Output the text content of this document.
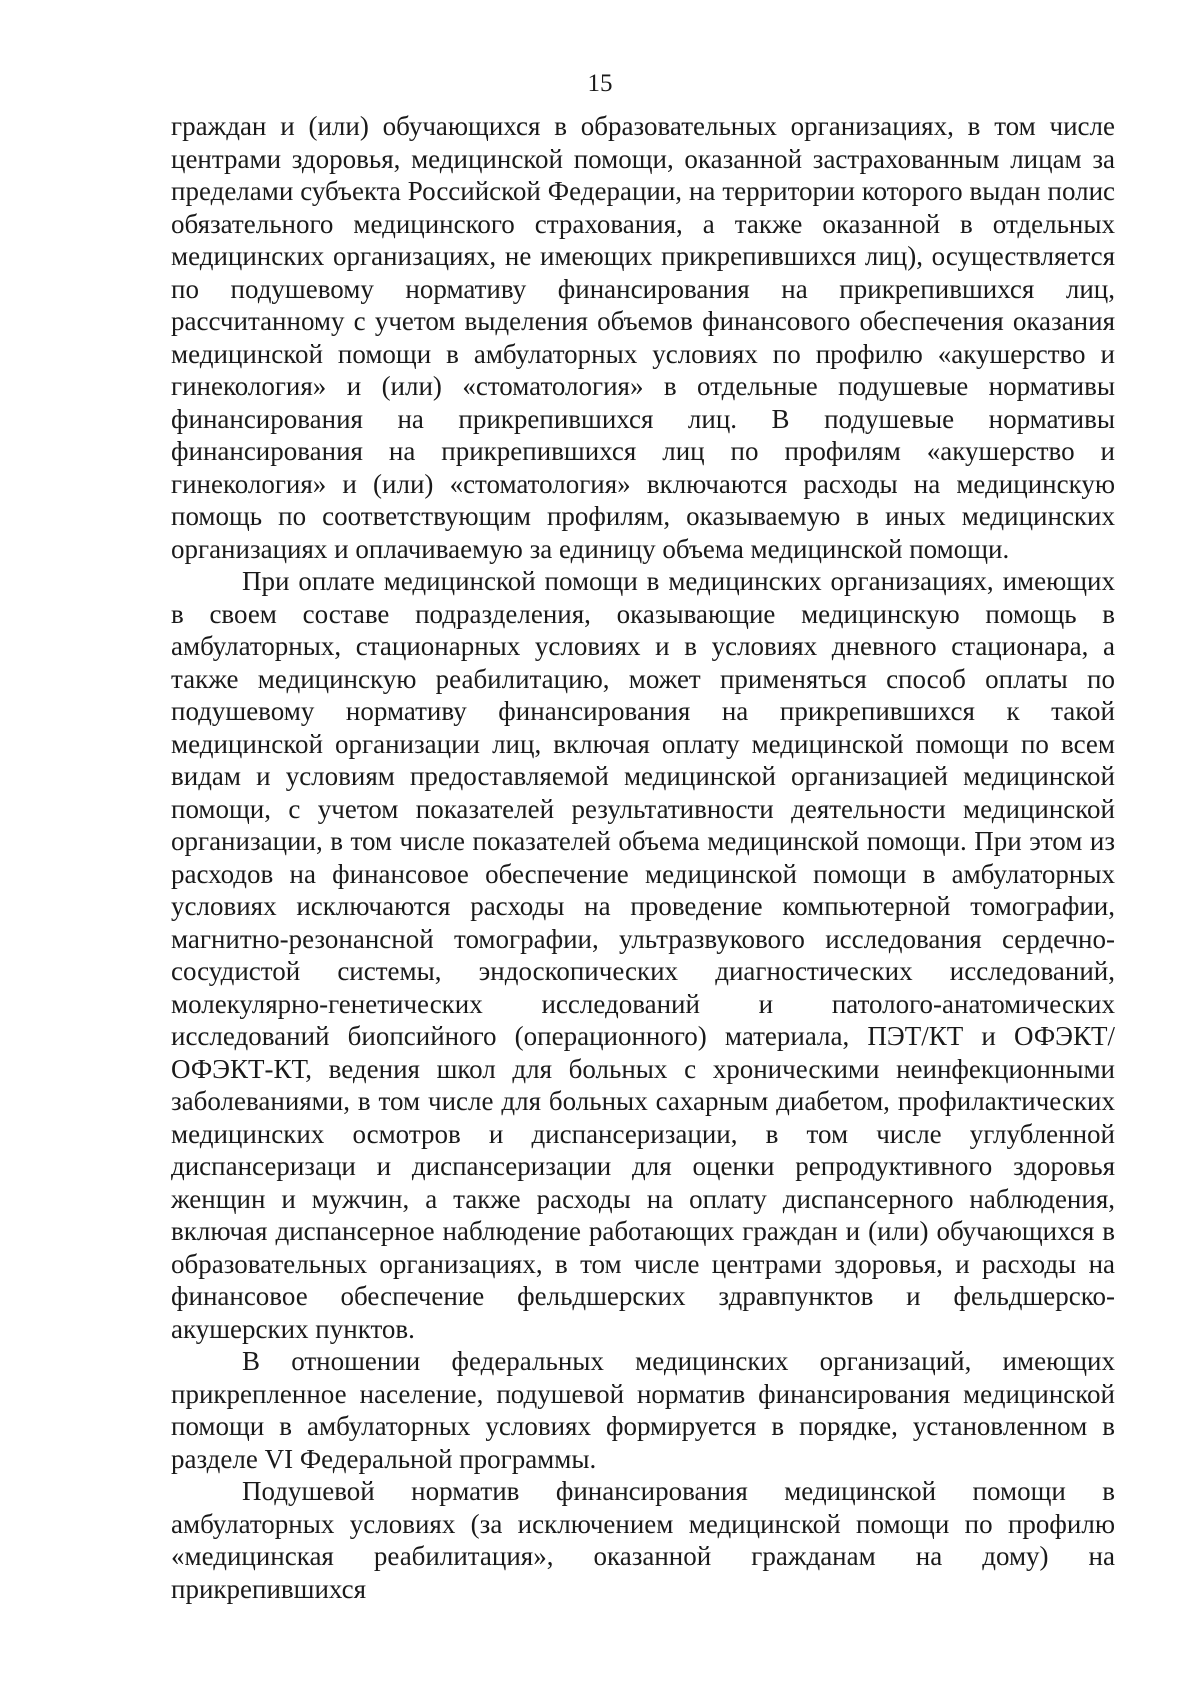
15

граждан и (или) обучающихся в образовательных организациях, в том числе центрами здоровья, медицинской помощи, оказанной застрахованным лицам за пределами субъекта Российской Федерации, на территории которого выдан полис обязательного медицинского страхования, а также оказанной в отдельных медицинских организациях, не имеющих прикрепившихся лиц), осуществляется по подушевому нормативу финансирования на прикрепившихся лиц, рассчитанному с учетом выделения объемов финансового обеспечения оказания медицинской помощи в амбулаторных условиях по профилю «акушерство и гинекология» и (или) «стоматология» в отдельные подушевые нормативы финансирования на прикрепившихся лиц. В подушевые нормативы финансирования на прикрепившихся лиц по профилям «акушерство и гинекология» и (или) «стоматология» включаются расходы на медицинскую помощь по соответствующим профилям, оказываемую в иных медицинских организациях и оплачиваемую за единицу объема медицинской помощи.

При оплате медицинской помощи в медицинских организациях, имеющих в своем составе подразделения, оказывающие медицинскую помощь в амбулаторных, стационарных условиях и в условиях дневного стационара, а также медицинскую реабилитацию, может применяться способ оплаты по подушевому нормативу финансирования на прикрепившихся к такой медицинской организации лиц, включая оплату медицинской помощи по всем видам и условиям предоставляемой медицинской организацией медицинской помощи, с учетом показателей результативности деятельности медицинской организации, в том числе показателей объема медицинской помощи. При этом из расходов на финансовое обеспечение медицинской помощи в амбулаторных условиях исключаются расходы на проведение компьютерной томографии, магнитно-резонансной томографии, ультразвукового исследования сердечно-сосудистой системы, эндоскопических диагностических исследований, молекулярно-генетических исследований и патолого-анатомических исследований биопсийного (операционного) материала, ПЭТ/КТ и ОФЭКТ/ОФЭКТ-КТ, ведения школ для больных с хроническими неинфекционными заболеваниями, в том числе для больных сахарным диабетом, профилактических медицинских осмотров и диспансеризации, в том числе углубленной диспансеризаци и диспансеризации для оценки репродуктивного здоровья женщин и мужчин, а также расходы на оплату диспансерного наблюдения, включая диспансерное наблюдение работающих граждан и (или) обучающихся в образовательных организациях, в том числе центрами здоровья, и расходы на финансовое обеспечение фельдшерских здравпунктов и фельдшерско-акушерских пунктов.

В отношении федеральных медицинских организаций, имеющих прикрепленное население, подушевой норматив финансирования медицинской помощи в амбулаторных условиях формируется в порядке, установленном в разделе VI Федеральной программы.

Подушевой норматив финансирования медицинской помощи в амбулаторных условиях (за исключением медицинской помощи по профилю «медицинская реабилитация», оказанной гражданам на дому) на прикрепившихся
